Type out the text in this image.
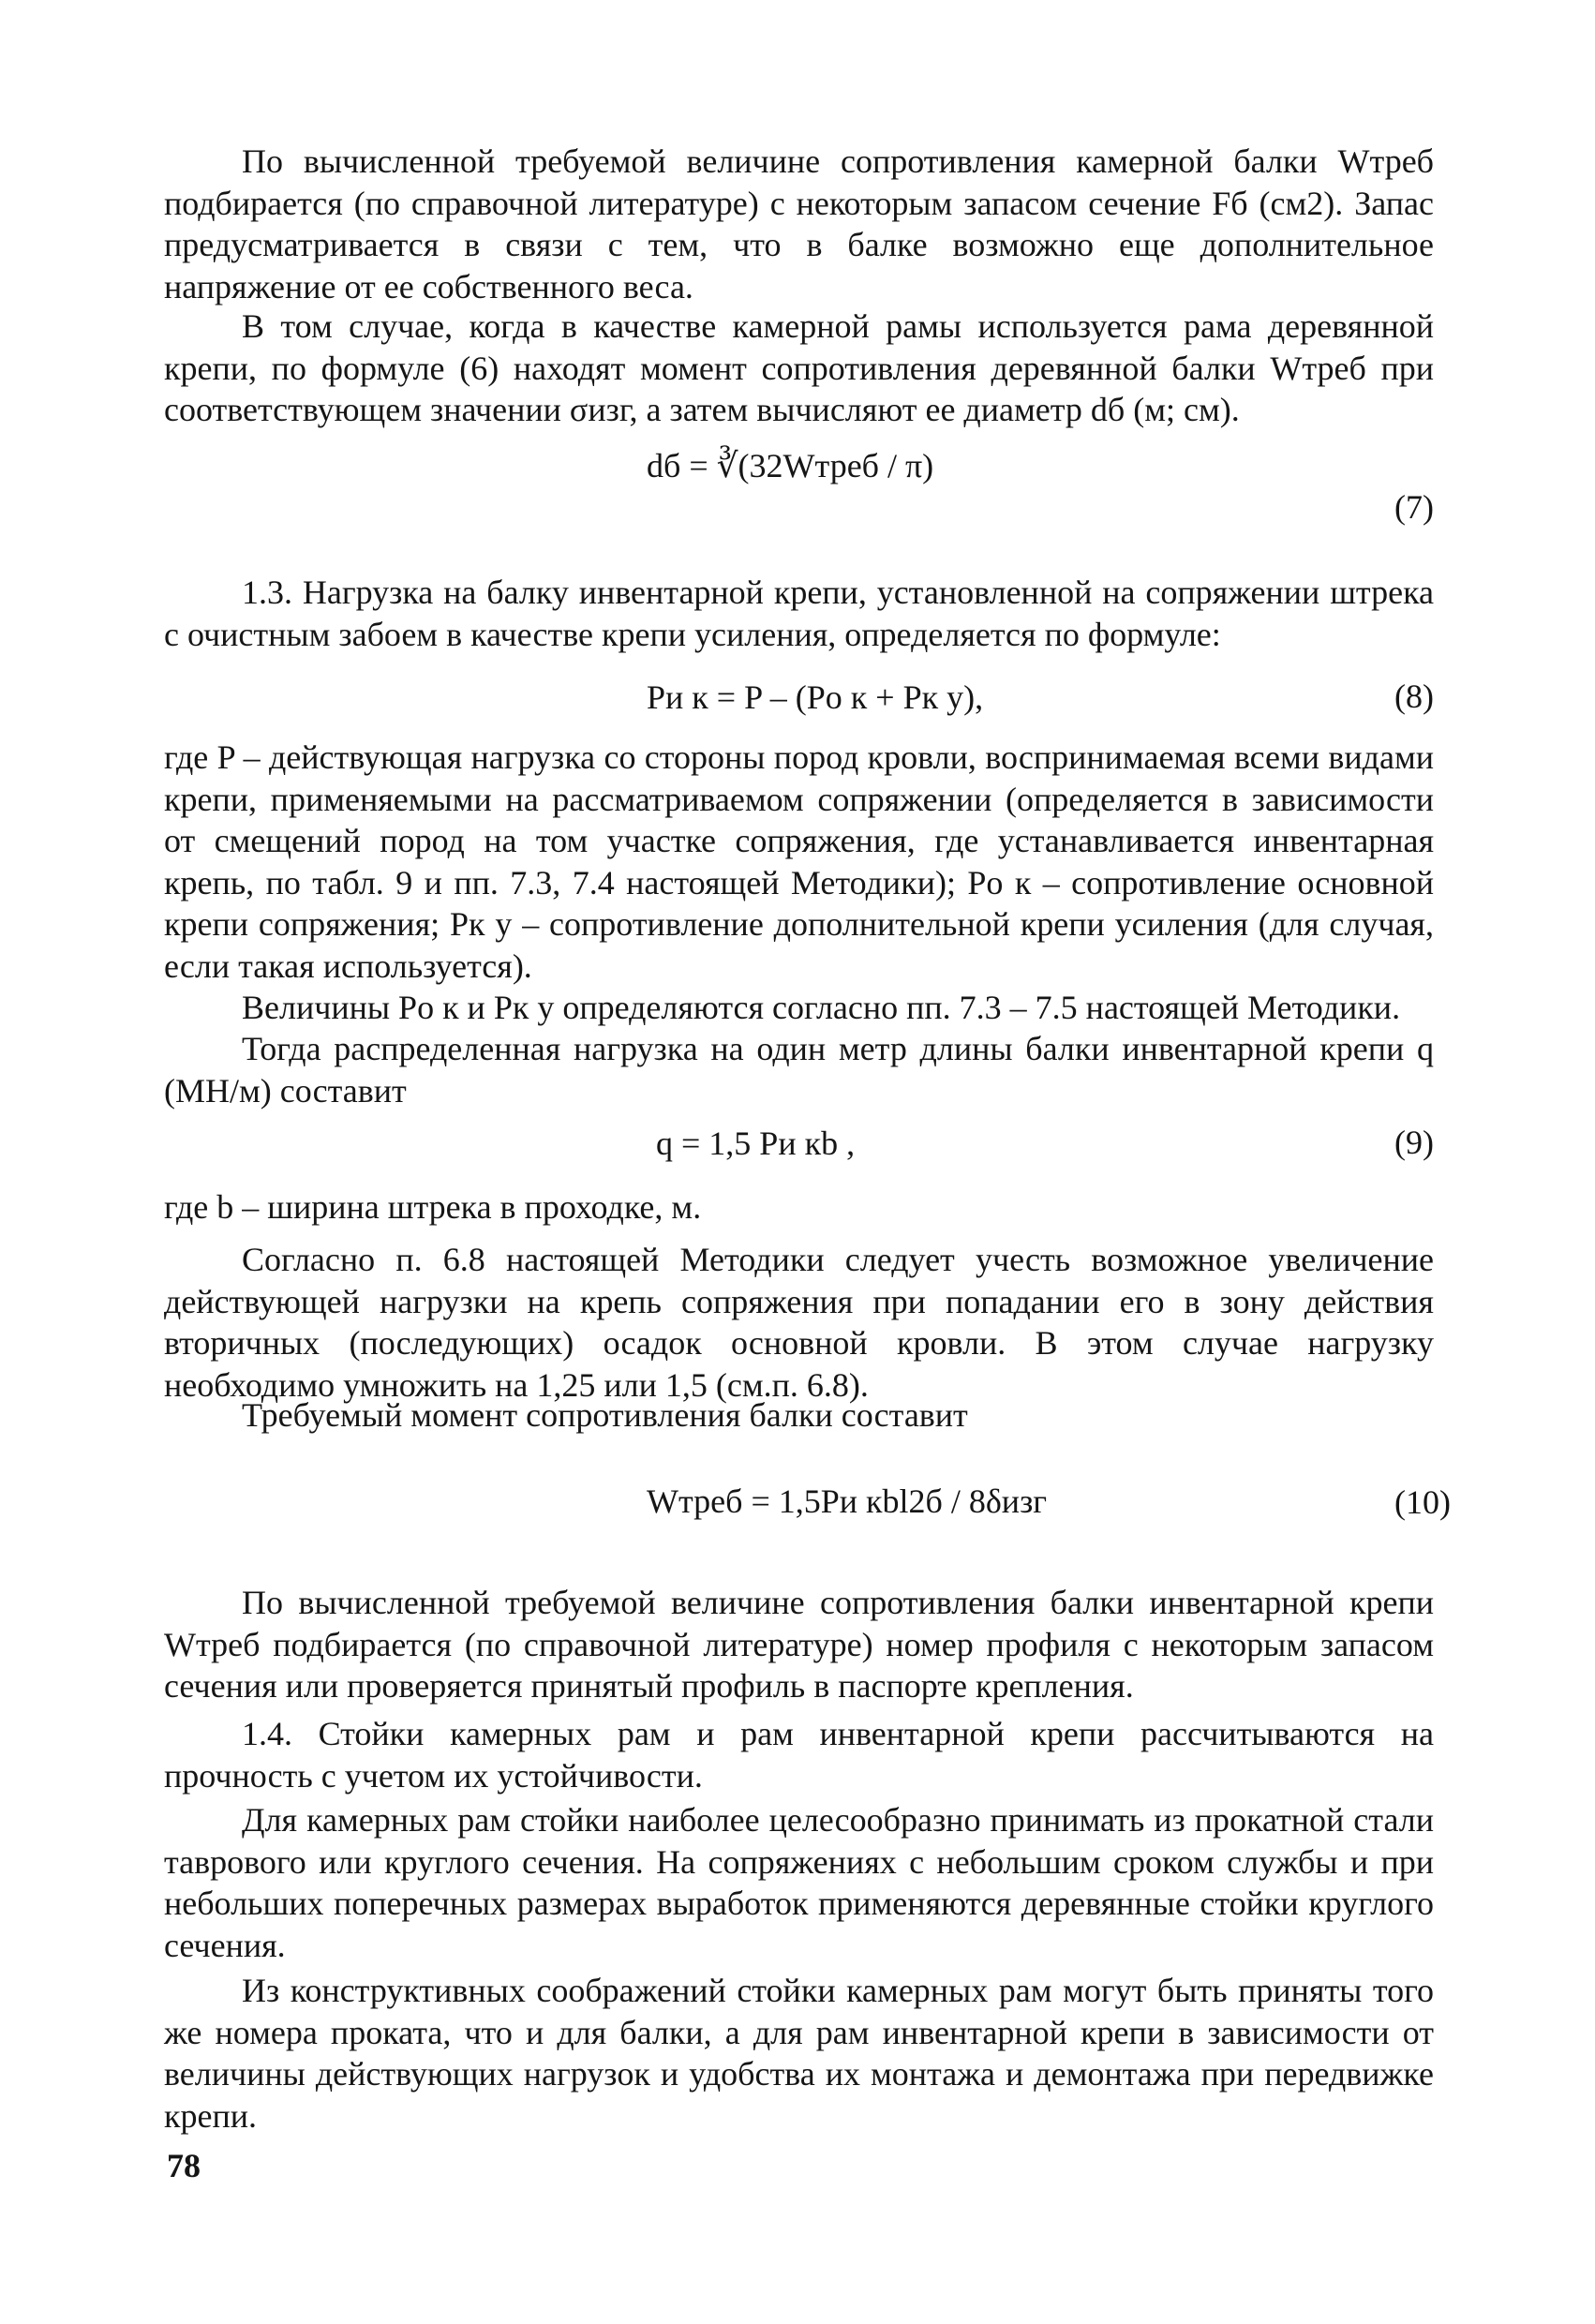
По вычисленной требуемой величине сопротивления камерной балки Wтреб подбирается (по справочной литературе) с некоторым запасом сечение Fб (см2). Запас предусматривается в связи с тем, что в балке возможно еще дополнительное напряжение от ее собственного веса.

В том случае, когда в качестве камерной рамы используется рама деревянной крепи, по формуле (6) находят момент сопротивления деревянной балки Wтреб при соответствующем значении σизг, а затем вычисляют ее диаметр dб (м; см).

dб = ∛(32Wтреб / π)
(7)

1.3. Нагрузка на балку инвентарной крепи, установленной на сопряжении штрека с очистным забоем в качестве крепи усиления, определяется по формуле:

Pи к = P – (Pо к + Pк у),	(8)

где P – действующая нагрузка со стороны пород кровли, воспринимаемая всеми видами крепи, применяемыми на рассматриваемом сопряжении (определяется в зависимости от смещений пород на том участке сопряжения, где устанавливается инвентарная крепь, по табл. 9 и пп. 7.3, 7.4 настоящей Методики); Pо к – сопротивление основной крепи сопряжения; Pк у – сопротивление дополнительной крепи усиления (для случая, если такая используется).

Величины Pо к и Pк у определяются согласно пп. 7.3 – 7.5 настоящей Методики.

Тогда распределенная нагрузка на один метр длины балки инвентарной крепи q (МН/м) составит

q = 1,5 Pи кb ,	(9)

где b – ширина штрека в проходке, м.

Согласно п. 6.8 настоящей Методики следует учесть возможное увеличение действующей нагрузки на крепь сопряжения при попадании его в зону действия вторичных (последующих) осадок основной кровли. В этом случае нагрузку необходимо умножить на 1,25 или 1,5 (см.п. 6.8).

Требуемый момент сопротивления балки составит

Wтреб = 1,5Pи кbl2б / 8δизг	(10)

По вычисленной требуемой величине сопротивления балки инвентарной крепи Wтреб подбирается (по справочной литературе) номер профиля с некоторым запасом сечения или проверяется принятый профиль в паспорте крепления.

1.4. Стойки камерных рам и рам инвентарной крепи рассчитываются на прочность с учетом их устойчивости.

Для камерных рам стойки наиболее целесообразно принимать из прокатной стали таврового или круглого сечения. На сопряжениях с небольшим сроком службы и при небольших поперечных размерах выработок применяются деревянные стойки круглого сечения.

Из конструктивных соображений стойки камерных рам могут быть приняты того же номера проката, что и для балки, а для рам инвентарной крепи в зависимости от величины действующих нагрузок и удобства их монтажа и демонтажа при передвижке крепи.

78
